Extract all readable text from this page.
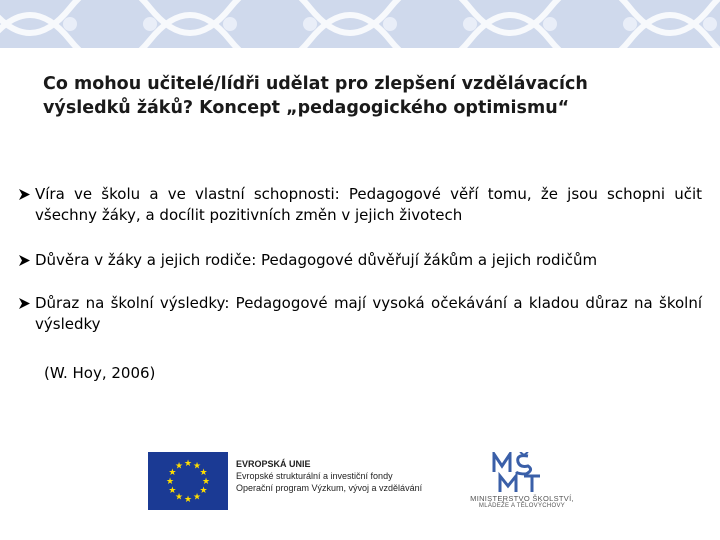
Co mohou učitelé/lídři udělat pro zlepšení vzdělávacích
výsledků žáků? Koncept „pedagogického optimismu“
Víra ve školu a ve vlastní schopnosti: Pedagogové věří tomu, že jsou schopni učit všechny žáky, a docílit pozitivních změn v jejich životech
Důvěra v žáky a jejich rodiče: Pedagogové důvěřují žákům a jejich rodičům
Důraz na školní výsledky: Pedagogové mají vysoká očekávání a kladou důraz na školní výsledky
(W. Hoy, 2006)
★ ★
★
★
★
★
★
★
★
★
★
★	EVROPSKÁ UNIE
Evropské strukturální a investiční fondy
Operační program Výzkum, vývoj a vzdělávání
MINISTERSTVO ŠKOLSTVÍ,
MLÁDEŽE A TĚLOVÝCHOVY
